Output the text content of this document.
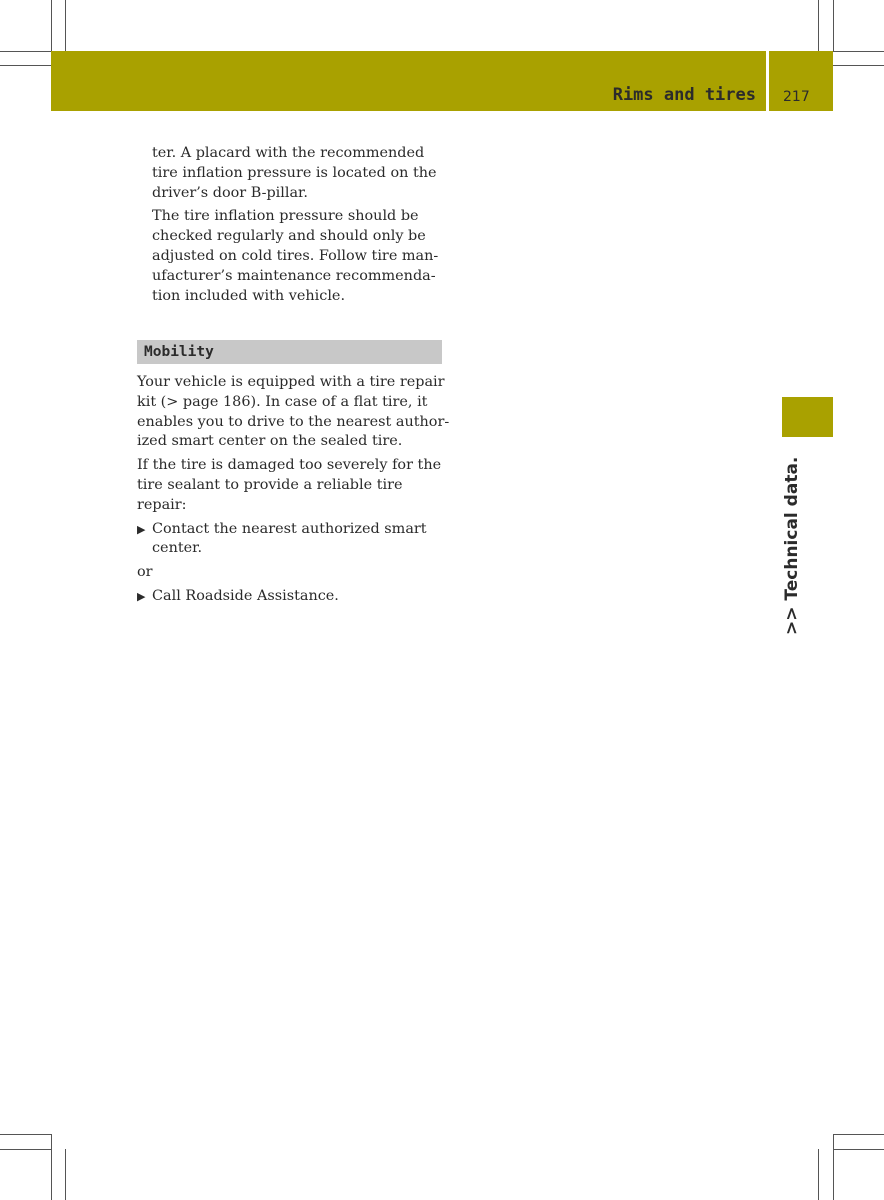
Rims and tires 217

ter. A placard with the recommended tire inflation pressure is located on the driver’s door B-pillar.

The tire inflation pressure should be checked regularly and should only be adjusted on cold tires. Follow tire manufacturer’s maintenance recommendation included with vehicle.

Mobility

Your vehicle is equipped with a tire repair kit (> page 186). In case of a flat tire, it enables you to drive to the nearest authorized smart center on the sealed tire.

If the tire is damaged too severely for the tire sealant to provide a reliable tire repair:

▶ Contact the nearest authorized smart center.

or

▶ Call Roadside Assistance.	>> Technical data.
